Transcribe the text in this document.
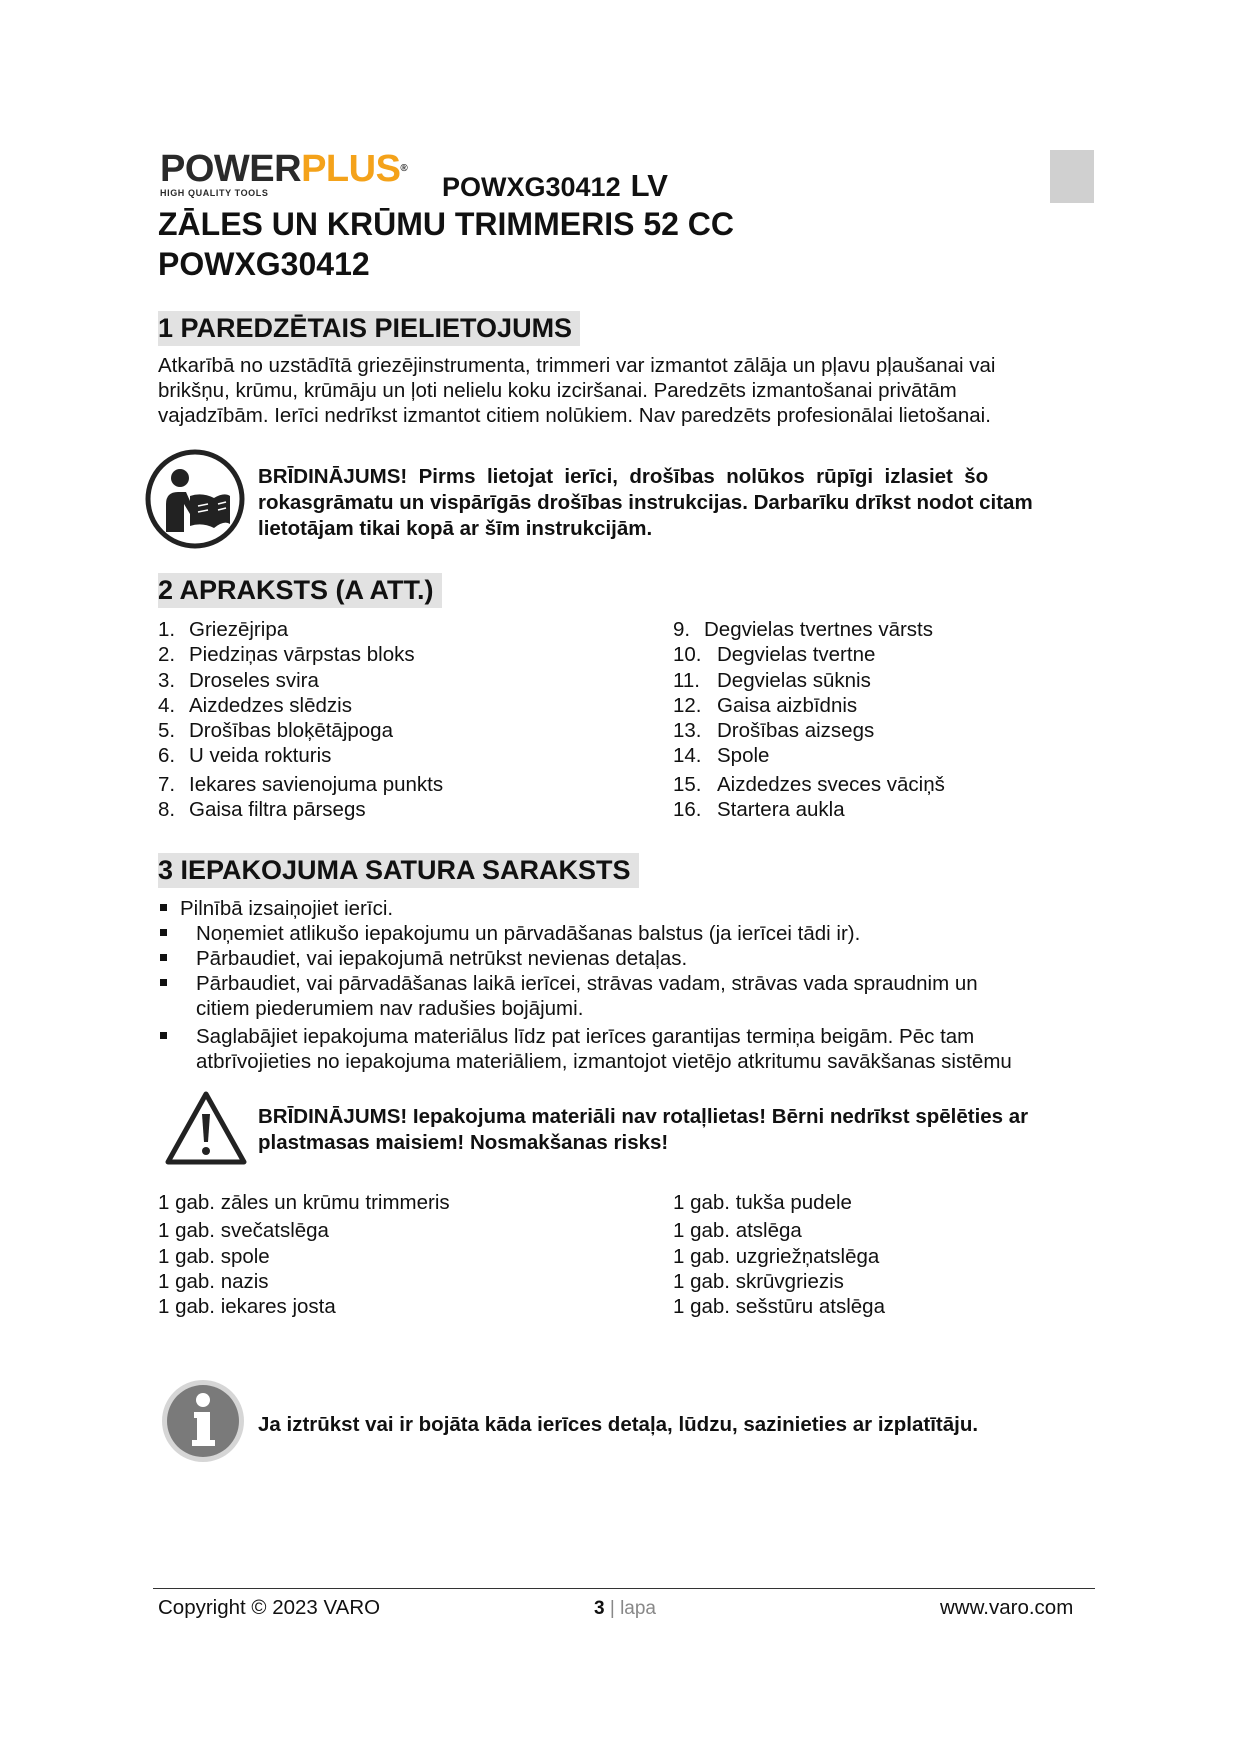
POWERPLUS®
HIGH QUALITY TOOLS	POWXG30412 LV
ZĀLES UN KRŪMU TRIMMERIS 52 CC
POWXG30412
1 PAREDZĒTAIS PIELIETOJUMS
Atkarībā no uzstādītā griezējinstrumenta, trimmeri var izmantot zālāja un pļavu pļaušanai vai
brikšņu, krūmu, krūmāju un ļoti nelielu koku izciršanai. Paredzēts izmantošanai privātām
vajadzībām. Ierīci nedrīkst izmantot citiem nolūkiem. Nav paredzēts profesionālai lietošanai.
BRĪDINĀJUMS!  Pirms  lietojat  ierīci,  drošības  nolūkos  rūpīgi  izlasiet  šo
rokasgrāmatu un vispārīgās drošības instrukcijas. Darbarīku drīkst nodot citam
lietotājam tikai kopā ar šīm instrukcijām.
2 APRAKSTS (A ATT.)
1. Griezējripa
2. Piedziņas vārpstas bloks
3. Droseles svira
4. Aizdedzes slēdzis
5. Drošības bloķētājpoga
6. U veida rokturis
7. Iekares savienojuma punkts
8. Gaisa filtra pārsegs
9. Degvielas tvertnes vārsts
10. Degvielas tvertne
11. Degvielas sūknis
12. Gaisa aizbīdnis
13. Drošības aizsegs
14. Spole
15. Aizdedzes sveces vāciņš
16. Startera aukla
3 IEPAKOJUMA SATURA SARAKSTS
Pilnībā izsaiņojiet ierīci.
Noņemiet atlikušo iepakojumu un pārvadāšanas balstus (ja ierīcei tādi ir).
Pārbaudiet, vai iepakojumā netrūkst nevienas detaļas.
Pārbaudiet, vai pārvadāšanas laikā ierīcei, strāvas vadam, strāvas vada spraudnim un
citiem piederumiem nav radušies bojājumi.
Saglabājiet iepakojuma materiālus līdz pat ierīces garantijas termiņa beigām. Pēc tam
atbrīvojieties no iepakojuma materiāliem, izmantojot vietējo atkritumu savākšanas sistēmu
BRĪDINĀJUMS! Iepakojuma materiāli nav rotaļlietas! Bērni nedrīkst spēlēties ar
plastmasas maisiem! Nosmakšanas risks!
1 gab. zāles un krūmu trimmeris
1 gab. svečatslēga
1 gab. spole
1 gab. nazis
1 gab. iekares josta
1 gab. tukša pudele
1 gab. atslēga
1 gab. uzgriežņatslēga
1 gab. skrūvgriezis
1 gab. sešstūru atslēga
Ja iztrūkst vai ir bojāta kāda ierīces detaļa, lūdzu, sazinieties ar izplatītāju.
Copyright © 2023 VARO	3 | lapa	www.varo.com
